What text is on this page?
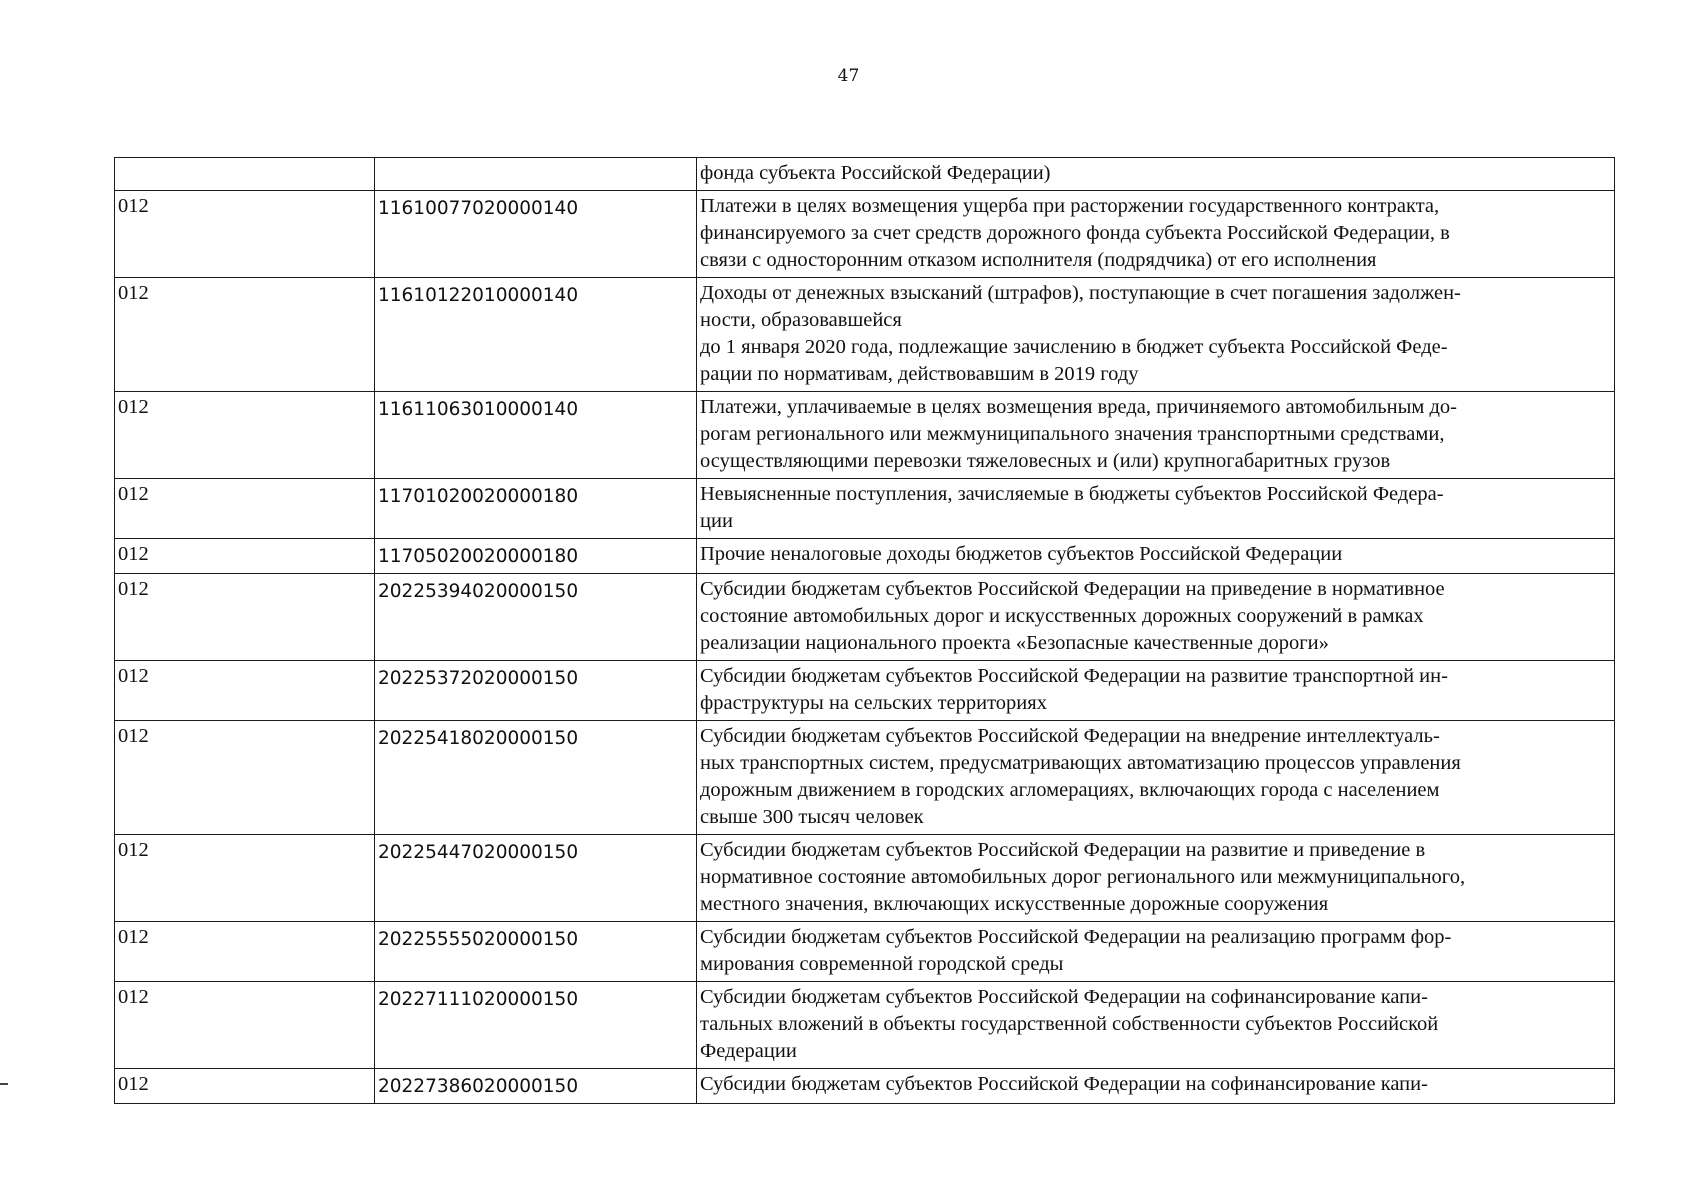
47
		фонда субъекта Российской Федерации)
012	11610077020000140	Платежи в целях возмещения ущерба при расторжении государственного контракта,
финансируемого за счет средств дорожного фонда субъекта Российской Федерации, в
связи с односторонним отказом исполнителя (подрядчика) от его исполнения
012	11610122010000140	Доходы от денежных взысканий (штрафов), поступающие в счет погашения задолжен-
ности, образовавшейся
до 1 января 2020 года, подлежащие зачислению в бюджет субъекта Российской Феде-
рации по нормативам, действовавшим в 2019 году
012	11611063010000140	Платежи, уплачиваемые в целях возмещения вреда, причиняемого автомобильным до-
рогам регионального или межмуниципального значения транспортными средствами,
осуществляющими перевозки тяжеловесных и (или) крупногабаритных грузов
012	11701020020000180	Невыясненные поступления, зачисляемые в бюджеты субъектов Российской Федера-
ции
012	11705020020000180	Прочие неналоговые доходы бюджетов субъектов Российской Федерации
012	20225394020000150	Субсидии бюджетам субъектов Российской Федерации на приведение в нормативное
состояние автомобильных дорог и искусственных дорожных сооружений в рамках
реализации национального проекта «Безопасные качественные дороги»
012	20225372020000150	Субсидии бюджетам субъектов Российской Федерации на развитие транспортной ин-
фраструктуры на сельских территориях
012	20225418020000150	Субсидии бюджетам субъектов Российской Федерации на внедрение интеллектуаль-
ных транспортных систем, предусматривающих автоматизацию процессов управления
дорожным движением в городских агломерациях, включающих города с населением
свыше 300 тысяч человек
012	20225447020000150	Субсидии бюджетам субъектов Российской Федерации на развитие и приведение в
нормативное состояние автомобильных дорог регионального или межмуниципального,
местного значения, включающих искусственные дорожные сооружения
012	20225555020000150	Субсидии бюджетам субъектов Российской Федерации на реализацию программ фор-
мирования современной городской среды
012	20227111020000150	Субсидии бюджетам субъектов Российской Федерации на софинансирование капи-
тальных вложений в объекты государственной собственности субъектов Российской
Федерации
012	20227386020000150	Субсидии бюджетам субъектов Российской Федерации на софинансирование капи-
